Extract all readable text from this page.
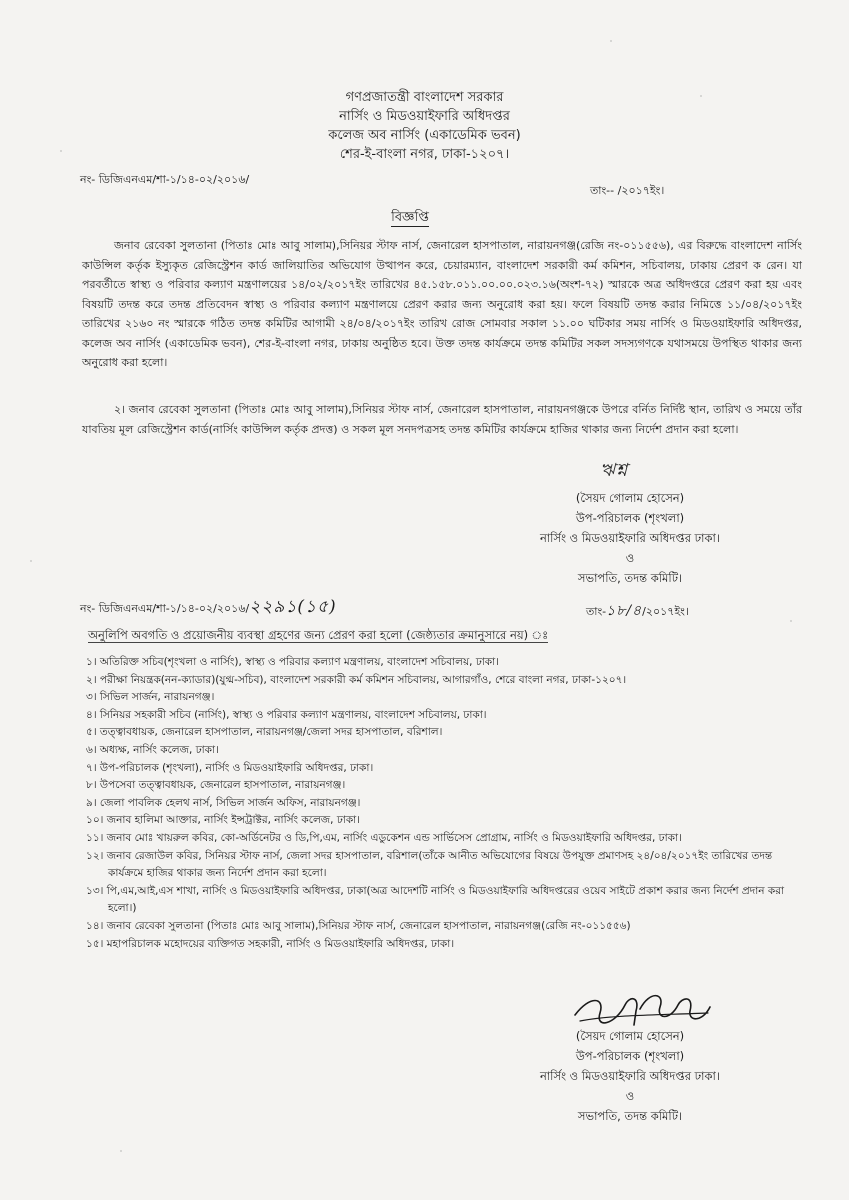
গণপ্রজাতন্ত্রী বাংলাদেশ সরকার
নার্সিং ও মিডওয়াইফারি অধিদপ্তর
কলেজ অব নার্সিং (একাডেমিক ভবন)
শের-ই-বাংলা নগর, ঢাকা-১২০৭।
নং- ডিজিএনএম/শা-১/১৪-০২/২০১৬/
তাং-- /২০১৭ইং।
বিজ্ঞপ্তি
জনাব রেবেকা সুলতানা (পিতাঃ মোঃ আবু সালাম),সিনিয়র স্টাফ নার্স, জেনারেল হাসপাতাল, নারায়নগঞ্জ(রেজি নং-০১১৫৫৬), এর বিরুদ্ধে বাংলাদেশ নার্সিং কাউন্সিল কর্তৃক ইস্যুকৃত রেজিস্ট্রেশন কার্ড জালিয়াতির অভিযোগ উত্থাপন করে, চেয়ারম্যান, বাংলাদেশ সরকারী কর্ম কমিশন, সচিবালয়, ঢাকায় প্রেরণ ক রেন। যা পরবর্তীতে স্বাস্থ্য ও পরিবার কল্যাণ মন্ত্রণালয়ের ১৪/০২/২০১৭ইং তারিখের ৪৫.১৫৮.০১১.০০.০০.০২৩.১৬(অংশ-৭২) স্মারকে অত্র অধিদপ্তরে প্রেরণ করা হয় এবং বিষয়টি তদন্ত করে তদন্ত প্রতিবেদন স্বাস্থ্য ও পরিবার কল্যাণ মন্ত্রণালয়ে প্রেরণ করার জন্য অনুরোধ করা হয়। ফলে বিষয়টি তদন্ত করার নিমিত্তে ১১/০৪/২০১৭ইং তারিখের ২১৬০ নং স্মারকে গঠিত তদন্ত কমিটির আগামী ২৪/০৪/২০১৭ইং তারিখ রোজ সোমবার সকাল ১১.০০ ঘটিকার সময় নার্সিং ও মিডওয়াইফারি অধিদপ্তর, কলেজ অব নার্সিং (একাডেমিক ভবন), শের-ই-বাংলা নগর, ঢাকায় অনুষ্ঠিত হবে। উক্ত তদন্ত কার্যক্রমে তদন্ত কমিটির সকল সদস্যগণকে যথাসময়ে উপস্থিত থাকার জন্য অনুরোধ করা হলো।
২। জনাব রেবেকা সুলতানা (পিতাঃ মোঃ আবু সালাম),সিনিয়র স্টাফ নার্স, জেনারেল হাসপাতাল, নারায়নগঞ্জকে উপরে বর্নিত নির্দিষ্ট স্থান, তারিখ ও সময়ে তাঁর যাবতিয় মূল রেজিস্ট্রেশন কার্ড(নার্সিং কাউন্সিল কর্তৃক প্রদত্ত) ও সকল মূল সনদপত্রসহ তদন্ত কমিটির কার্যক্রমে হাজির থাকার জন্য নির্দেশ প্রদান করা হলো।
ঋশ্ন
(সৈয়দ গোলাম হোসেন)
উপ-পরিচালক (শৃংখলা)
নার্সিং ও মিডওয়াইফারি অধিদপ্তর ঢাকা।
ও
সভাপতি, তদন্ত কমিটি।
নং- ডিজিএনএম/শা-১/১৪-০২/২০১৬/২২৯১(১৫)	তাং-১৮/৪/২০১৭ইং।
অনুলিপি অবগতি ও প্রয়োজনীয় ব্যবস্থা গ্রহণের জন্য প্রেরণ করা হলো (জেষ্ঠ্যতার ক্রমানুসারে নয়) ঃ
১। অতিরিক্ত সচিব(শৃংখলা ও নার্সিং), স্বাস্থ্য ও পরিবার কল্যাণ মন্ত্রণালয়, বাংলাদেশ সচিবালয়, ঢাকা।
২। পরীক্ষা নিয়ন্ত্রক(নন-ক্যাডার)(যুগ্ম-সচিব), বাংলাদেশ সরকারী কর্ম কমিশন সচিবালয়, আগারগাঁও, শেরে বাংলা নগর, ঢাকা-১২০৭।
৩। সিভিল সার্জন, নারায়নগঞ্জ।
৪। সিনিয়র সহকারী সচিব (নার্সিং), স্বাস্থ্য ও পরিবার কল্যাণ মন্ত্রণালয়, বাংলাদেশ সচিবালয়, ঢাকা।
৫। তত্ত্বাবধায়ক, জেনারেল হাসপাতাল, নারায়নগঞ্জ/জেলা সদর হাসপাতাল, বরিশাল।
৬। অধ্যক্ষ, নার্সিং কলেজ, ঢাকা।
৭। উপ-পরিচালক (শৃংখলা), নার্সিং ও মিডওয়াইফারি অধিদপ্তর, ঢাকা।
৮। উপসেবা তত্ত্বাবধায়ক, জেনারেল হাসপাতাল, নারায়নগঞ্জ।
৯। জেলা পাবলিক হেলথ নার্স, সিভিল সার্জন অফিস, নারায়নগঞ্জ।
১০। জনাব হালিমা আক্তার, নার্সিং ইন্সট্রাক্টর, নার্সিং কলেজ, ঢাকা।
১১। জনাব মোঃ খায়রুল কবির, কো-অর্ডিনেটর ও ডি,পি,এম, নার্সিং এডুকেশন এন্ড সার্ভিসেস প্রোগ্রাম, নার্সিং ও মিডওয়াইফারি অধিদপ্তর, ঢাকা।
১২। জনাব রেজাউল কবির, সিনিয়র স্টাফ নার্স, জেলা সদর হাসপাতাল, বরিশাল(তাঁকে আনীত অভিযোগের বিষয়ে উপযুক্ত প্রমাণসহ ২৪/০৪/২০১৭ইং তারিখের তদন্ত কার্যক্রমে হাজির থাকার জন্য নির্দেশ প্রদান করা হলো।
১৩। পি,এম,আই,এস শাখা, নার্সিং ও মিডওয়াইফারি অধিদপ্তর, ঢাকা(অত্র আদেশটি নার্সিং ও মিডওয়াইফারি অধিদপ্তরের ওয়েব সাইটে প্রকাশ করার জন্য নির্দেশ প্রদান করা হলো।)
১৪। জনাব রেবেকা সুলতানা (পিতাঃ মোঃ আবু সালাম),সিনিয়র স্টাফ নার্স, জেনারেল হাসপাতাল, নারায়নগঞ্জ(রেজি নং-০১১৫৫৬)
১৫। মহাপরিচালক মহোদয়ের ব্যক্তিগত সহকারী, নার্সিং ও মিডওয়াইফারি অধিদপ্তর, ঢাকা।
(সৈয়দ গোলাম হোসেন)
উপ-পরিচালক (শৃংখলা)
নার্সিং ও মিডওয়াইফারি অধিদপ্তর ঢাকা।
ও
সভাপতি, তদন্ত কমিটি।
